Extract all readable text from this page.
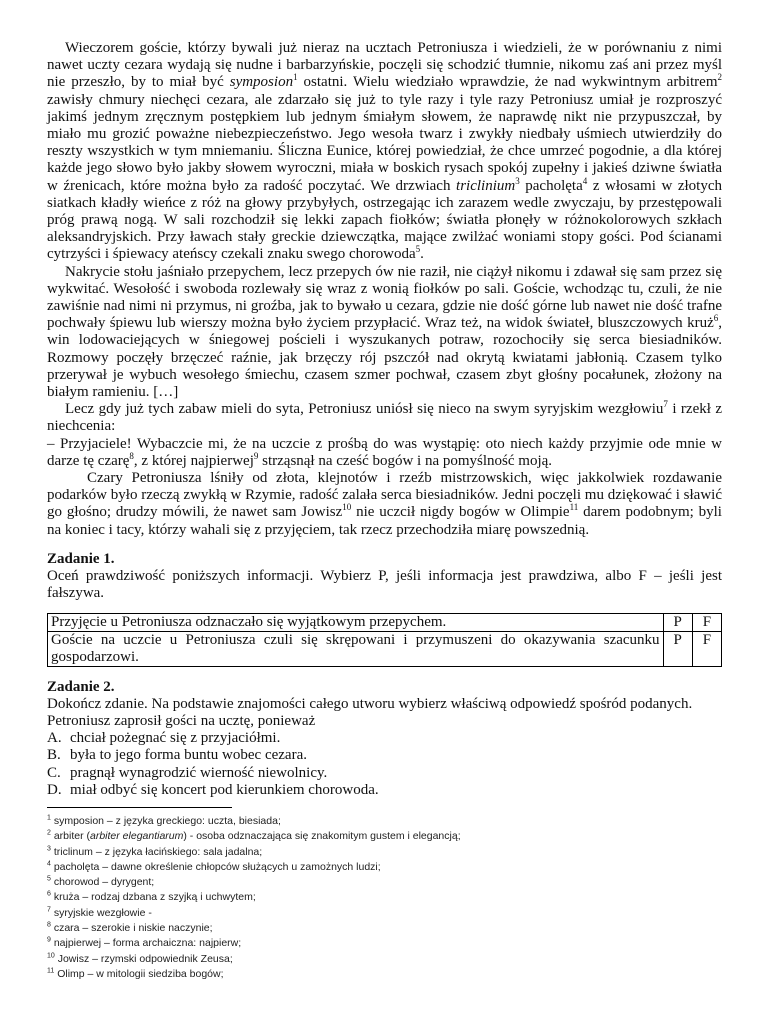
Wieczorem goście, którzy bywali już nieraz na ucztach Petroniusza i wiedzieli, że w porównaniu z nimi nawet uczty cezara wydają się nudne i barbarzyńskie, poczęli się schodzić tłumnie, nikomu zaś ani przez myśl nie przeszło, by to miał być symposion$^1$ ostatni. Wielu wiedziało wprawdzie, że nad wykwintnym arbitrem$^2$ zawisły chmury niechęci cezara, ale zdarzało się już to tyle razy i tyle razy Petroniusz umiał je rozproszyć jakimś jednym zręcznym postępkiem lub jednym śmiałym słowem, że naprawdę nikt nie przypuszczał, by miało mu grozić poważne niebezpieczeństwo. Jego wesoła twarz i zwykły niedbały uśmiech utwierdziły do reszty wszystkich w tym mniemaniu. Śliczna Eunice, której powiedział, że chce umrzeć pogodnie, a dla której każde jego słowo było jakby słowem wyroczni, miała w boskich rysach spokój zupełny i jakieś dziwne światła w źrenicach, które można było za radość poczytać. We drzwiach triclinium$^3$ pacholęta$^4$ z włosami w złotych siatkach kładły wieńce z róż na głowy przybyłych, ostrzegając ich zarazem wedle zwyczaju, by przestępowali próg prawą nogą. W sali rozchodził się lekki zapach fiołków; światła płonęły w różnokolorowych szkłach aleksandryjskich. Przy ławach stały greckie dziewczątka, mające zwilżać woniami stopy gości. Pod ścianami cytrzyści i śpiewacy ateńscy czekali znaku swego chorowoda$^5$.

Nakrycie stołu jaśniało przepychem, lecz przepych ów nie raził, nie ciążył nikomu i zdawał się sam przez się wykwitać. Wesołość i swoboda rozlewały się wraz z wonią fiołków po sali. Goście, wchodząc tu, czuli, że nie zawiśnie nad nimi ni przymus, ni groźba, jak to bywało u cezara, gdzie nie dość górne lub nawet nie dość trafne pochwały śpiewu lub wierszy można było życiem przypłacić. Wraz też, na widok świateł, bluszczowych kruż$^6$, win lodowaciejących w śniegowej pościeli i wyszukanych potraw, rozochociły się serca biesiadników. Rozmowy poczęły brzęczeć raźnie, jak brzęczy rój pszczół nad okrytą kwiatami jabłonią. Czasem tylko przerywał je wybuch wesołego śmiechu, czasem szmer pochwał, czasem zbyt głośny pocałunek, złożony na białym ramieniu. […]

Lecz gdy już tych zabaw mieli do syta, Petroniusz uniósł się nieco na swym syryjskim wezgłowiu$^7$ i rzekł z niechcenia:

– Przyjaciele! Wybaczcie mi, że na uczcie z prośbą do was wystąpię: oto niech każdy przyjmie ode mnie w darze tę czarę$^8$, z której najpierwej$^9$ strząsnął na cześć bogów i na pomyślność moją.

Czary Petroniusza lśniły od złota, klejnotów i rzeźb mistrzowskich, więc jakkolwiek rozdawanie podarków było rzeczą zwykłą w Rzymie, radość zalała serca biesiadników. Jedni poczęli mu dziękować i sławić go głośno; drudzy mówili, że nawet sam Jowisz$^{10}$ nie uczcił nigdy bogów w Olimpie$^{11}$ darem podobnym; byli na koniec i tacy, którzy wahali się z przyjęciem, tak rzecz przechodziła miarę powszednią.

Zadanie 1.

Oceń prawdziwość poniższych informacji. Wybierz P, jeśli informacja jest prawdziwa, albo F – jeśli jest fałszywa.

Przyjęcie u Petroniusza odznaczało się wyjątkowym przepychem.	P	F
Goście na uczcie u Petroniusza czuli się skrępowani i przymuszeni do okazywania szacunku gospodarzowi.	P	F

Zadanie 2.

Dokończ zdanie. Na podstawie znajomości całego utworu wybierz właściwą odpowiedź spośród podanych.

Petroniusz zaprosił gości na ucztę, ponieważ

A. chciał pożegnać się z przyjaciółmi.
B. była to jego forma buntu wobec cezara.
C. pragnął wynagrodzić wierność niewolnicy.
D. miał odbyć się koncert pod kierunkiem chorowoda.
$^1$ symposion – z języka greckiego: uczta, biesiada;
$^2$ arbiter (arbiter elegantiarum) - osoba odznaczająca się znakomitym gustem i elegancją;
$^3$ triclinum – z języka łacińskiego: sala jadalna;
$^4$ pacholęta – dawne określenie chłopców służących u zamożnych ludzi;
$^5$ chorowod – dyrygent;
$^6$ krużа – rodzaj dzbana z szyjką i uchwytem;
$^7$ syryjskie wezgłowie -
$^8$ czara – szerokie i niskie naczynie;
$^9$ najpierwej – forma archaiczna: najpierw;
$^{10}$ Jowisz – rzymski odpowiednik Zeusa;
$^{11}$ Olimp – w mitologii siedziba bogów;
